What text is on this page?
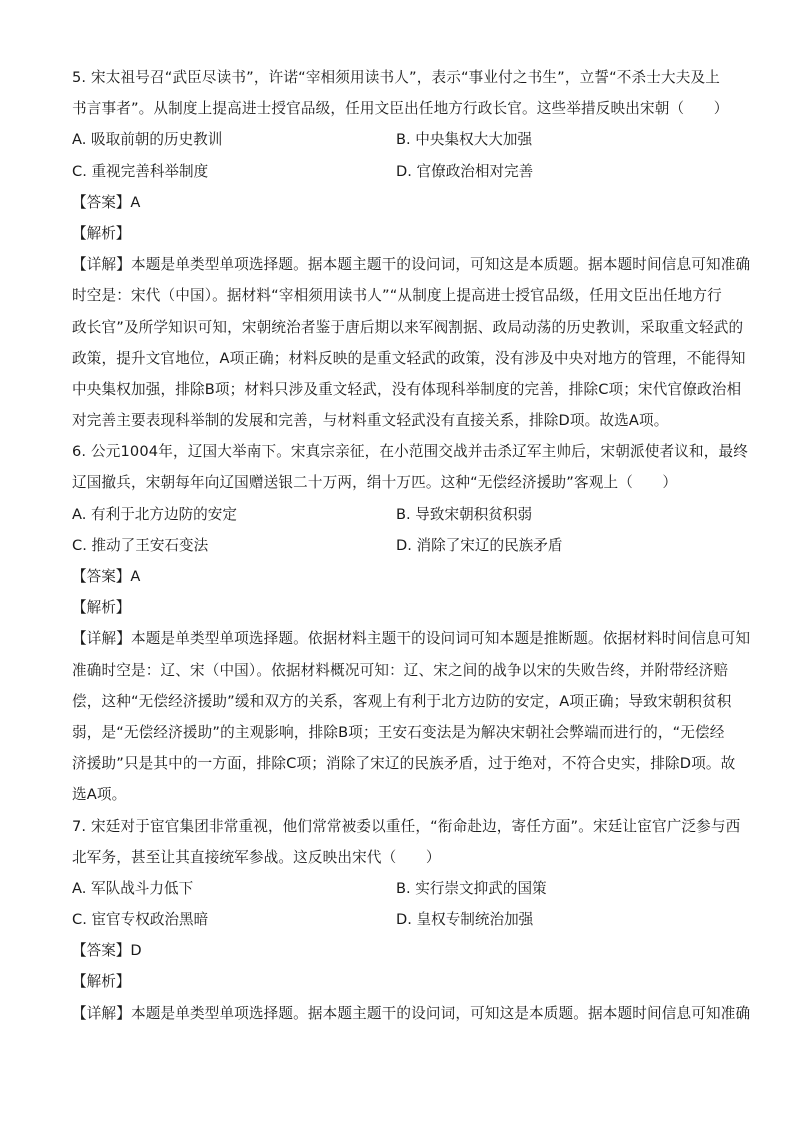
5. 宋太祖号召“武臣尽读书”，许诺“宰相须用读书人”，表示“事业付之书生”，立誓“不杀士大夫及上
书言事者”。从制度上提高进士授官品级，任用文臣出任地方行政长官。这些举措反映出宋朝（　　）
A. 吸取前朝的历史教训	B. 中央集权大大加强
C. 重视完善科举制度	D. 官僚政治相对完善
【答案】A
【解析】
【详解】本题是单类型单项选择题。据本题主题干的设问词，可知这是本质题。据本题时间信息可知准确
时空是：宋代（中国）。据材料“宰相须用读书人”“从制度上提高进士授官品级，任用文臣出任地方行
政长官”及所学知识可知，宋朝统治者鉴于唐后期以来军阀割据、政局动荡的历史教训，采取重文轻武的
政策，提升文官地位，A项正确；材料反映的是重文轻武的政策，没有涉及中央对地方的管理，不能得知
中央集权加强，排除B项；材料只涉及重文轻武，没有体现科举制度的完善，排除C项；宋代官僚政治相
对完善主要表现科举制的发展和完善，与材料重文轻武没有直接关系，排除D项。故选A项。
6. 公元1004年，辽国大举南下。宋真宗亲征，在小范围交战并击杀辽军主帅后，宋朝派使者议和，最终
辽国撤兵，宋朝每年向辽国赠送银二十万两，绢十万匹。这种“无偿经济援助”客观上（　　）
A. 有利于北方边防的安定	B. 导致宋朝积贫积弱
C. 推动了王安石变法	D. 消除了宋辽的民族矛盾
【答案】A
【解析】
【详解】本题是单类型单项选择题。依据材料主题干的设问词可知本题是推断题。依据材料时间信息可知
准确时空是：辽、宋（中国）。依据材料概况可知：辽、宋之间的战争以宋的失败告终，并附带经济赔
偿，这种“无偿经济援助”缓和双方的关系，客观上有利于北方边防的安定，A项正确；导致宋朝积贫积
弱，是“无偿经济援助”的主观影响，排除B项；王安石变法是为解决宋朝社会弊端而进行的，“无偿经
济援助”只是其中的一方面，排除C项；消除了宋辽的民族矛盾，过于绝对，不符合史实，排除D项。故
选A项。
7. 宋廷对于宦官集团非常重视，他们常常被委以重任，“衔命赴边，寄任方面”。宋廷让宦官广泛参与西
北军务，甚至让其直接统军参战。这反映出宋代（　　）
A. 军队战斗力低下	B. 实行崇文抑武的国策
C. 宦官专权政治黑暗	D. 皇权专制统治加强
【答案】D
【解析】
【详解】本题是单类型单项选择题。据本题主题干的设问词，可知这是本质题。据本题时间信息可知准确
